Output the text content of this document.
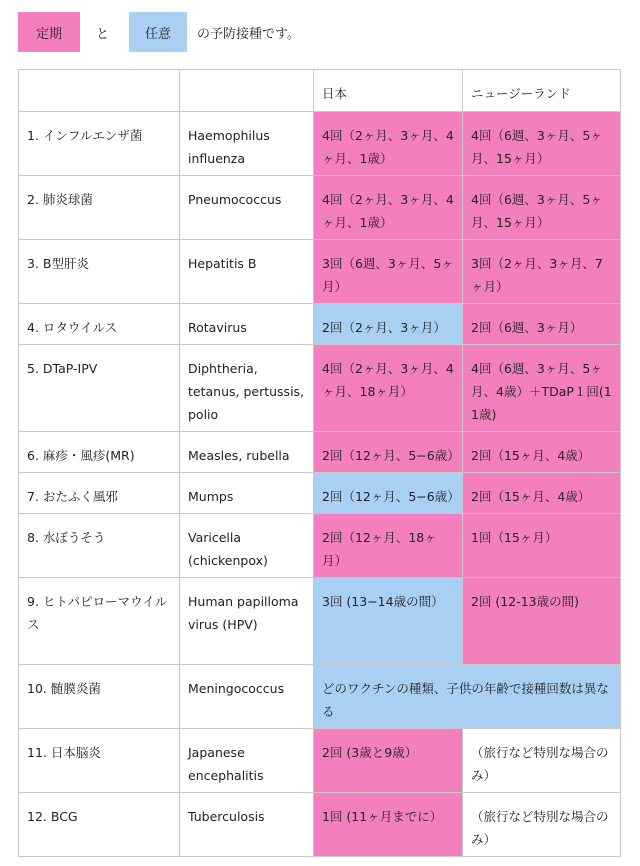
定期	と	任意 の予防接種です。
		日本	ニュージーランド
1. インフルエンザ菌	Haemophilus influenza	4回（2ヶ月、3ヶ月、4ヶ月、1歳）	4回（6週、3ヶ月、5ヶ月、15ヶ月）
2. 肺炎球菌	Pneumococcus	4回（2ヶ月、3ヶ月、4ヶ月、1歳）	4回（6週、3ヶ月、5ヶ月、15ヶ月）
3. B型肝炎	Hepatitis B	3回（6週、3ヶ月、5ヶ月）	3回（2ヶ月、3ヶ月、7ヶ月）
4. ロタウイルス	Rotavirus	2回（2ヶ月、3ヶ月）	2回（6週、3ヶ月）
5. DTaP-IPV	Diphtheria, tetanus, pertussis, polio	4回（2ヶ月、3ヶ月、4ヶ月、18ヶ月）	4回（6週、3ヶ月、5ヶ月、4歳）＋TDaP１回(11歳)
6. 麻疹・風疹(MR)	Measles, rubella	2回（12ヶ月、5−6歳）	2回（15ヶ月、4歳）
7. おたふく風邪	Mumps	2回（12ヶ月、5−6歳）	2回（15ヶ月、4歳）
8. 水ぼうそう	Varicella (chickenpox)	2回（12ヶ月、18ヶ月）	1回（15ヶ月）
9. ヒトパピローマウイルス	Human papilloma virus (HPV)	3回 (13−14歳の間）	2回 (12-13歳の間)
10. 髄膜炎菌	Meningococcus	どのワクチンの種類、子供の年齢で接種回数は異なる	
11. 日本脳炎	Japanese encephalitis	2回 (3歳と9歳）	（旅行など特別な場合のみ）
12. BCG	Tuberculosis	1回 (11ヶ月までに）	（旅行など特別な場合のみ）
